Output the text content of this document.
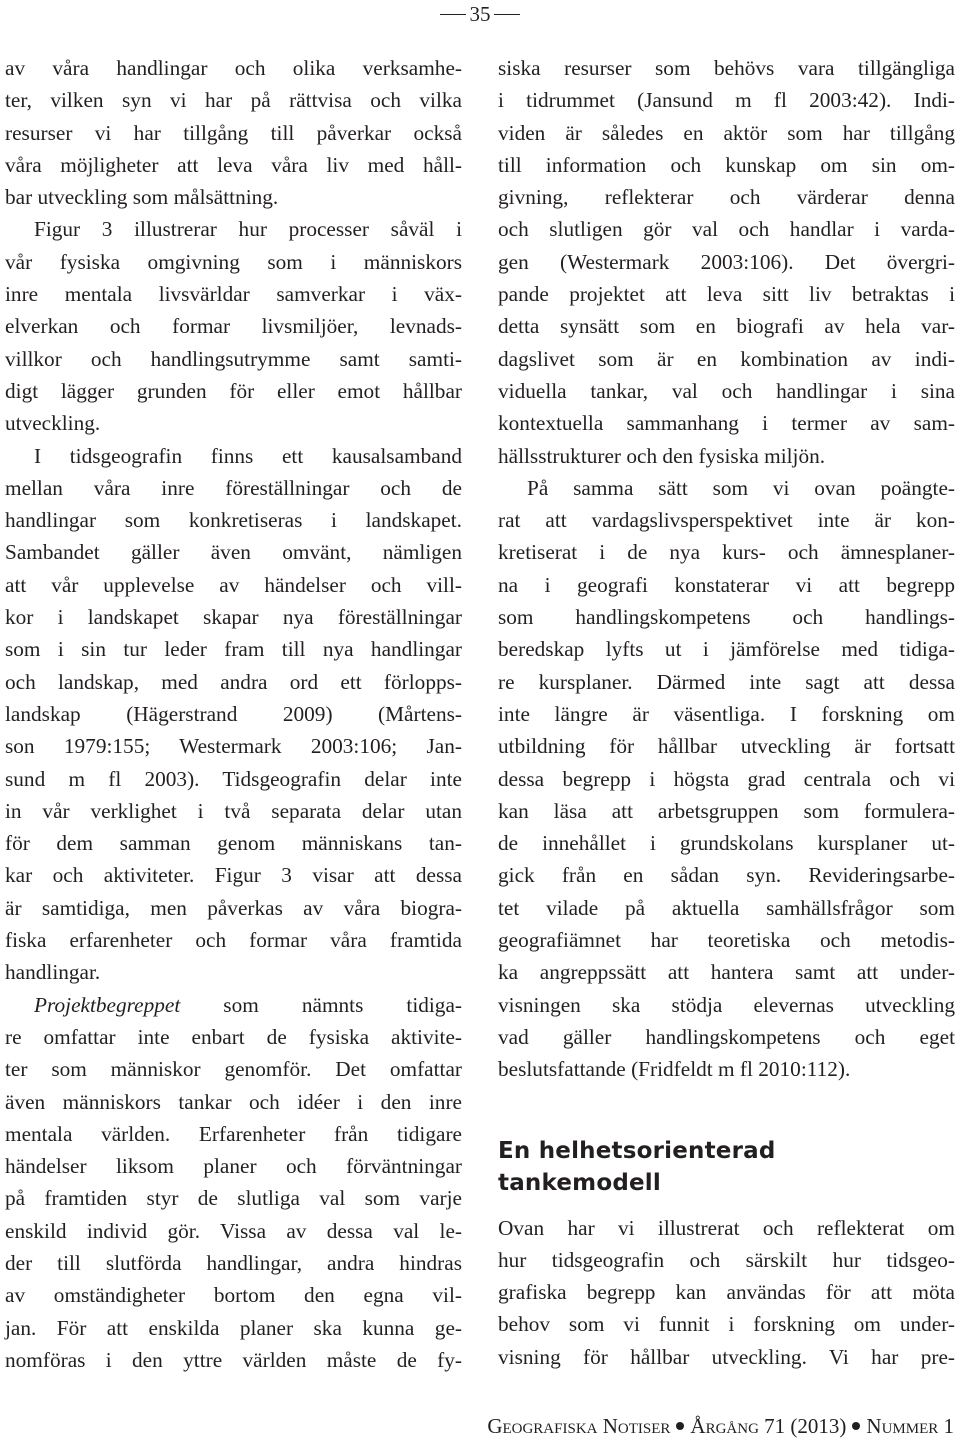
35
av våra handlingar och olika verksamhe-
ter, vilken syn vi har på rättvisa och vilka
resurser vi har tillgång till påverkar också
våra möjligheter att leva våra liv med håll-
bar utveckling som målsättning.
Figur 3 illustrerar hur processer såväl i
vår fysiska omgivning som i människors
inre mentala livsvärldar samverkar i väx-
elverkan och formar livsmiljöer, levnads-
villkor och handlingsutrymme samt samti-
digt lägger grunden för eller emot hållbar
utveckling.
I tidsgeografin finns ett kausalsamband
mellan våra inre föreställningar och de
handlingar som konkretiseras i landskapet.
Sambandet gäller även omvänt, nämligen
att vår upplevelse av händelser och vill-
kor i landskapet skapar nya föreställningar
som i sin tur leder fram till nya handlingar
och landskap, med andra ord ett förlopps-
landskap (Hägerstrand 2009) (Mårtens-
son 1979:155; Westermark 2003:106; Jan-
sund m fl 2003). Tidsgeografin delar inte
in vår verklighet i två separata delar utan
för dem samman genom människans tan-
kar och aktiviteter. Figur 3 visar att dessa
är samtidiga, men påverkas av våra biogra-
fiska erfarenheter och formar våra framtida
handlingar.
Projektbegreppet som nämnts tidiga-
re omfattar inte enbart de fysiska aktivite-
ter som människor genomför. Det omfattar
även människors tankar och idéer i den inre
mentala världen. Erfarenheter från tidigare
händelser liksom planer och förväntningar
på framtiden styr de slutliga val som varje
enskild individ gör. Vissa av dessa val le-
der till slutförda handlingar, andra hindras
av omständigheter bortom den egna vil-
jan. För att enskilda planer ska kunna ge-
nomföras i den yttre världen måste de fy-
siska resurser som behövs vara tillgängliga
i tidrummet (Jansund m fl 2003:42). Indi-
viden är således en aktör som har tillgång
till information och kunskap om sin om-
givning, reflekterar och värderar denna
och slutligen gör val och handlar i varda-
gen (Westermark 2003:106). Det övergri-
pande projektet att leva sitt liv betraktas i
detta synsätt som en biografi av hela var-
dagslivet som är en kombination av indi-
viduella tankar, val och handlingar i sina
kontextuella sammanhang i termer av sam-
hällsstrukturer och den fysiska miljön.
På samma sätt som vi ovan poängte-
rat att vardagslivsperspektivet inte är kon-
kretiserat i de nya kurs- och ämnesplaner-
na i geografi konstaterar vi att begrepp
som handlingskompetens och handlings-
beredskap lyfts ut i jämförelse med tidiga-
re kursplaner. Därmed inte sagt att dessa
inte längre är väsentliga. I forskning om
utbildning för hållbar utveckling är fortsatt
dessa begrepp i högsta grad centrala och vi
kan läsa att arbetsgruppen som formulera-
de innehållet i grundskolans kursplaner ut-
gick från en sådan syn. Revideringsarbe-
tet vilade på aktuella samhällsfrågor som
geografiämnet har teoretiska och metodis-
ka angreppssätt att hantera samt att under-
visningen ska stödja elevernas utveckling
vad gäller handlingskompetens och eget
beslutsfattande (Fridfeldt m fl 2010:112).
En helhetsorienterad
tankemodell
Ovan har vi illustrerat och reflekterat om
hur tidsgeografin och särskilt hur tidsgeo-
grafiska begrepp kan användas för att möta
behov som vi funnit i forskning om under-
visning för hållbar utveckling. Vi har pre-
Geografiska Notiser Årgång 71 (2013) Nummer 1
